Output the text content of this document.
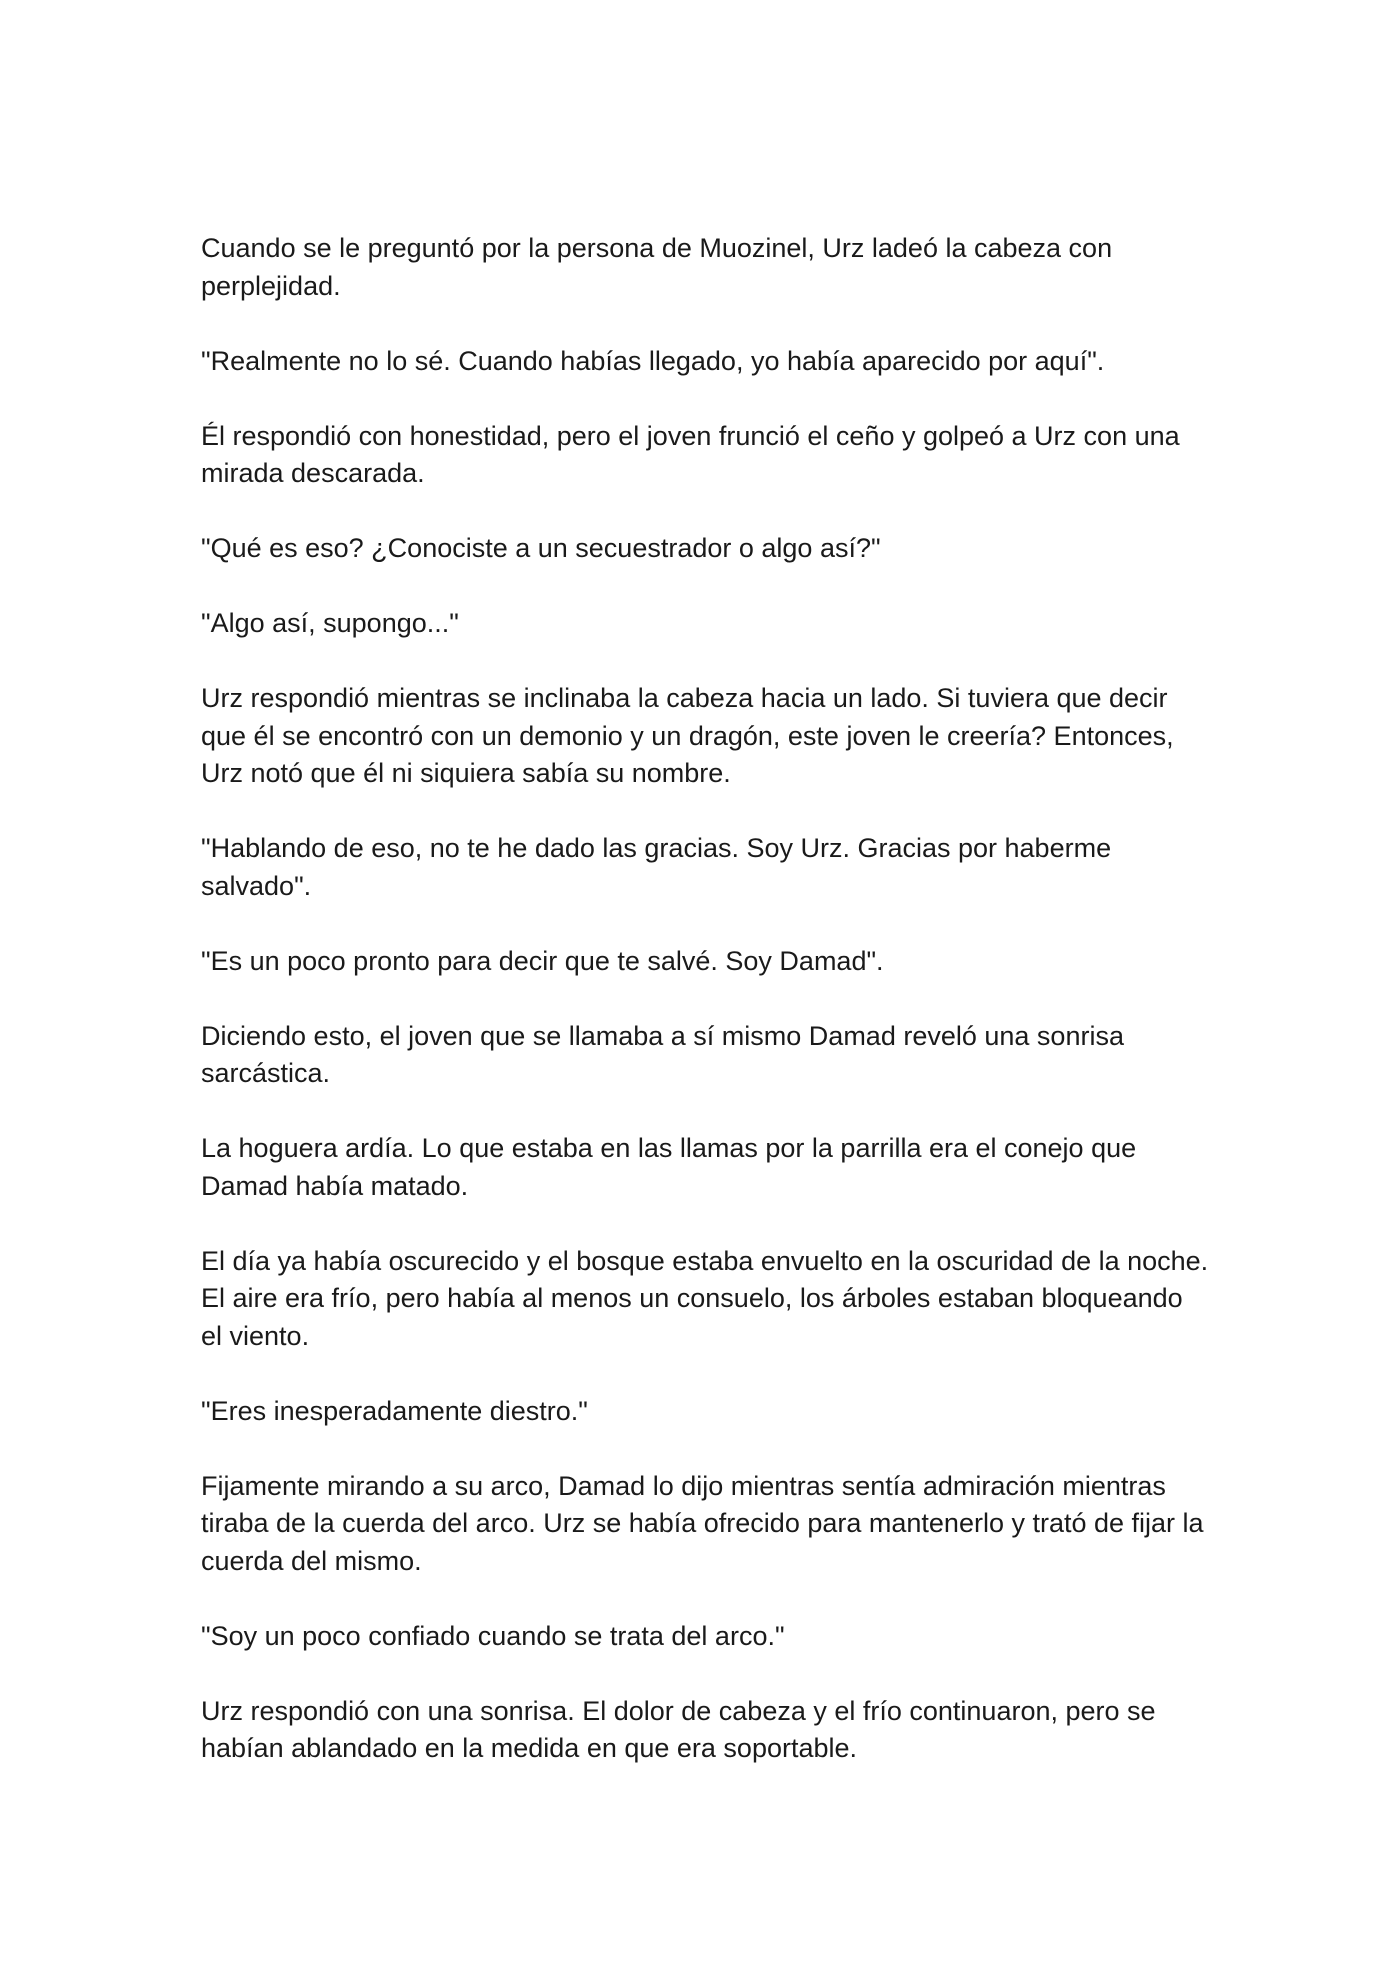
Cuando se le preguntó por la persona de Muozinel, Urz ladeó la cabeza con perplejidad.

"Realmente no lo sé. Cuando habías llegado, yo había aparecido por aquí".

Él respondió con honestidad, pero el joven frunció el ceño y golpeó a Urz con una mirada descarada.

"Qué es eso? ¿Conociste a un secuestrador o algo así?"

"Algo así, supongo..."

Urz respondió mientras se inclinaba la cabeza hacia un lado. Si tuviera que decir que él se encontró con un demonio y un dragón, este joven le creería? Entonces, Urz notó que él ni siquiera sabía su nombre.

"Hablando de eso, no te he dado las gracias. Soy Urz. Gracias por haberme salvado".

"Es un poco pronto para decir que te salvé. Soy Damad".

Diciendo esto, el joven que se llamaba a sí mismo Damad reveló una sonrisa sarcástica.

La hoguera ardía. Lo que estaba en las llamas por la parrilla era el conejo que Damad había matado.

El día ya había oscurecido y el bosque estaba envuelto en la oscuridad de la noche. El aire era frío, pero había al menos un consuelo, los árboles estaban bloqueando el viento.

"Eres inesperadamente diestro."

Fijamente mirando a su arco, Damad lo dijo mientras sentía admiración mientras tiraba de la cuerda del arco. Urz se había ofrecido para mantenerlo y trató de fijar la cuerda del mismo.

"Soy un poco confiado cuando se trata del arco."

Urz respondió con una sonrisa. El dolor de cabeza y el frío continuaron, pero se habían ablandado en la medida en que era soportable.
